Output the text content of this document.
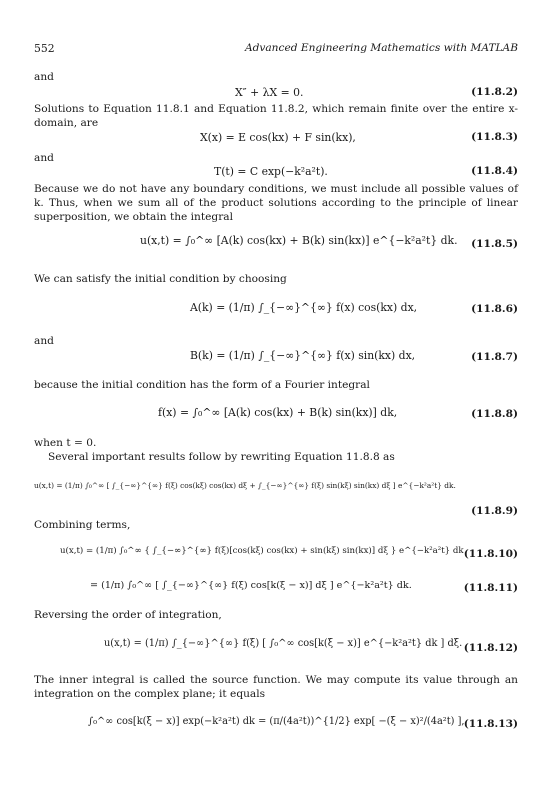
552	Advanced Engineering Mathematics with MATLAB
and
X″ + λX = 0.	(11.8.2)
Solutions to Equation 11.8.1 and Equation 11.8.2, which remain finite over the entire x-domain, are
X(x) = E cos(kx) + F sin(kx),	(11.8.3)
and
T(t) = C exp(−k²a²t).	(11.8.4)
Because we do not have any boundary conditions, we must include all possible values of k. Thus, when we sum all of the product solutions according to the principle of linear superposition, we obtain the integral
u(x,t) = ∫₀^∞ [A(k) cos(kx) + B(k) sin(kx)] e^{−k²a²t} dk. (11.8.5)
We can satisfy the initial condition by choosing
A(k) = (1/π) ∫_{−∞}^{∞} f(x) cos(kx) dx,	(11.8.6)
and
B(k) = (1/π) ∫_{−∞}^{∞} f(x) sin(kx) dx,	(11.8.7)
because the initial condition has the form of a Fourier integral
f(x) = ∫₀^∞ [A(k) cos(kx) + B(k) sin(kx)] dk,	(11.8.8)
when t = 0.
Several important results follow by rewriting Equation 11.8.8 as
u(x,t) = (1/π) ∫₀^∞ [ ∫_{−∞}^{∞} f(ξ) cos(kξ) cos(kx) dξ + ∫_{−∞}^{∞} f(ξ) sin(kξ) sin(kx) dξ ] e^{−k²a²t} dk.
(11.8.9)
Combining terms,
u(x,t) = (1/π) ∫₀^∞ { ∫_{−∞}^{∞} f(ξ)[cos(kξ) cos(kx) + sin(kξ) sin(kx)] dξ } e^{−k²a²t} dk (11.8.10)
= (1/π) ∫₀^∞ [ ∫_{−∞}^{∞} f(ξ) cos[k(ξ − x)] dξ ] e^{−k²a²t} dk.	(11.8.11)
Reversing the order of integration,
u(x,t) = (1/π) ∫_{−∞}^{∞} f(ξ) [ ∫₀^∞ cos[k(ξ − x)] e^{−k²a²t} dk ] dξ. (11.8.12)
The inner integral is called the source function. We may compute its value through an integration on the complex plane; it equals
∫₀^∞ cos[k(ξ − x)] exp(−k²a²t) dk = (π/(4a²t))^{1/2} exp[ −(ξ − x)²/(4a²t) ], (11.8.13)
